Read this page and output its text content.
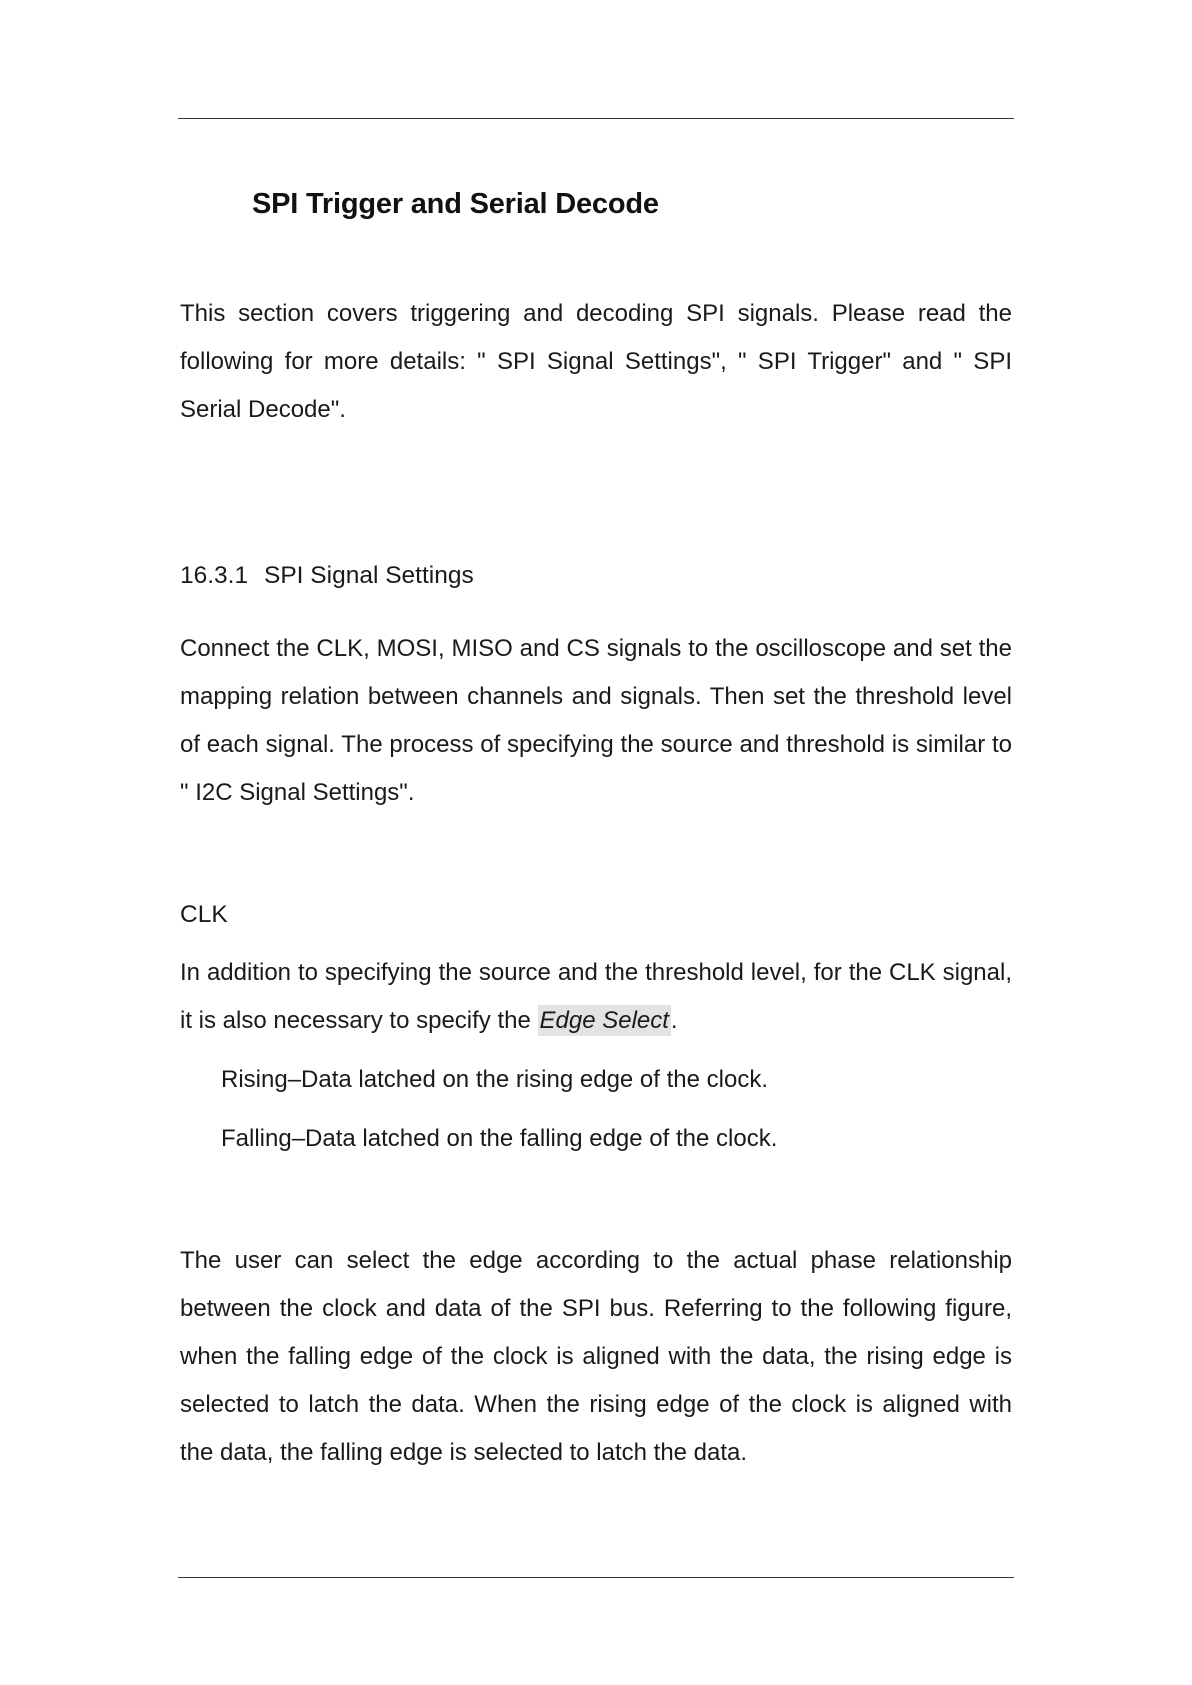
SPI Trigger and Serial Decode

This section covers triggering and decoding SPI signals. Please read the following for more details: " SPI Signal Settings", " SPI Trigger" and " SPI Serial Decode".

16.3.1 SPI Signal Settings

Connect the CLK, MOSI, MISO and CS signals to the oscilloscope and set the mapping relation between channels and signals. Then set the threshold level of each signal. The process of specifying the source and threshold is similar to " I2C Signal Settings".

CLK

In addition to specifying the source and the threshold level, for the CLK signal, it is also necessary to specify the Edge Select.

Rising–Data latched on the rising edge of the clock.

Falling–Data latched on the falling edge of the clock.

The user can select the edge according to the actual phase relationship between the clock and data of the SPI bus. Referring to the following figure, when the falling edge of the clock is aligned with the data, the rising edge is selected to latch the data. When the rising edge of the clock is aligned with the data, the falling edge is selected to latch the data.
